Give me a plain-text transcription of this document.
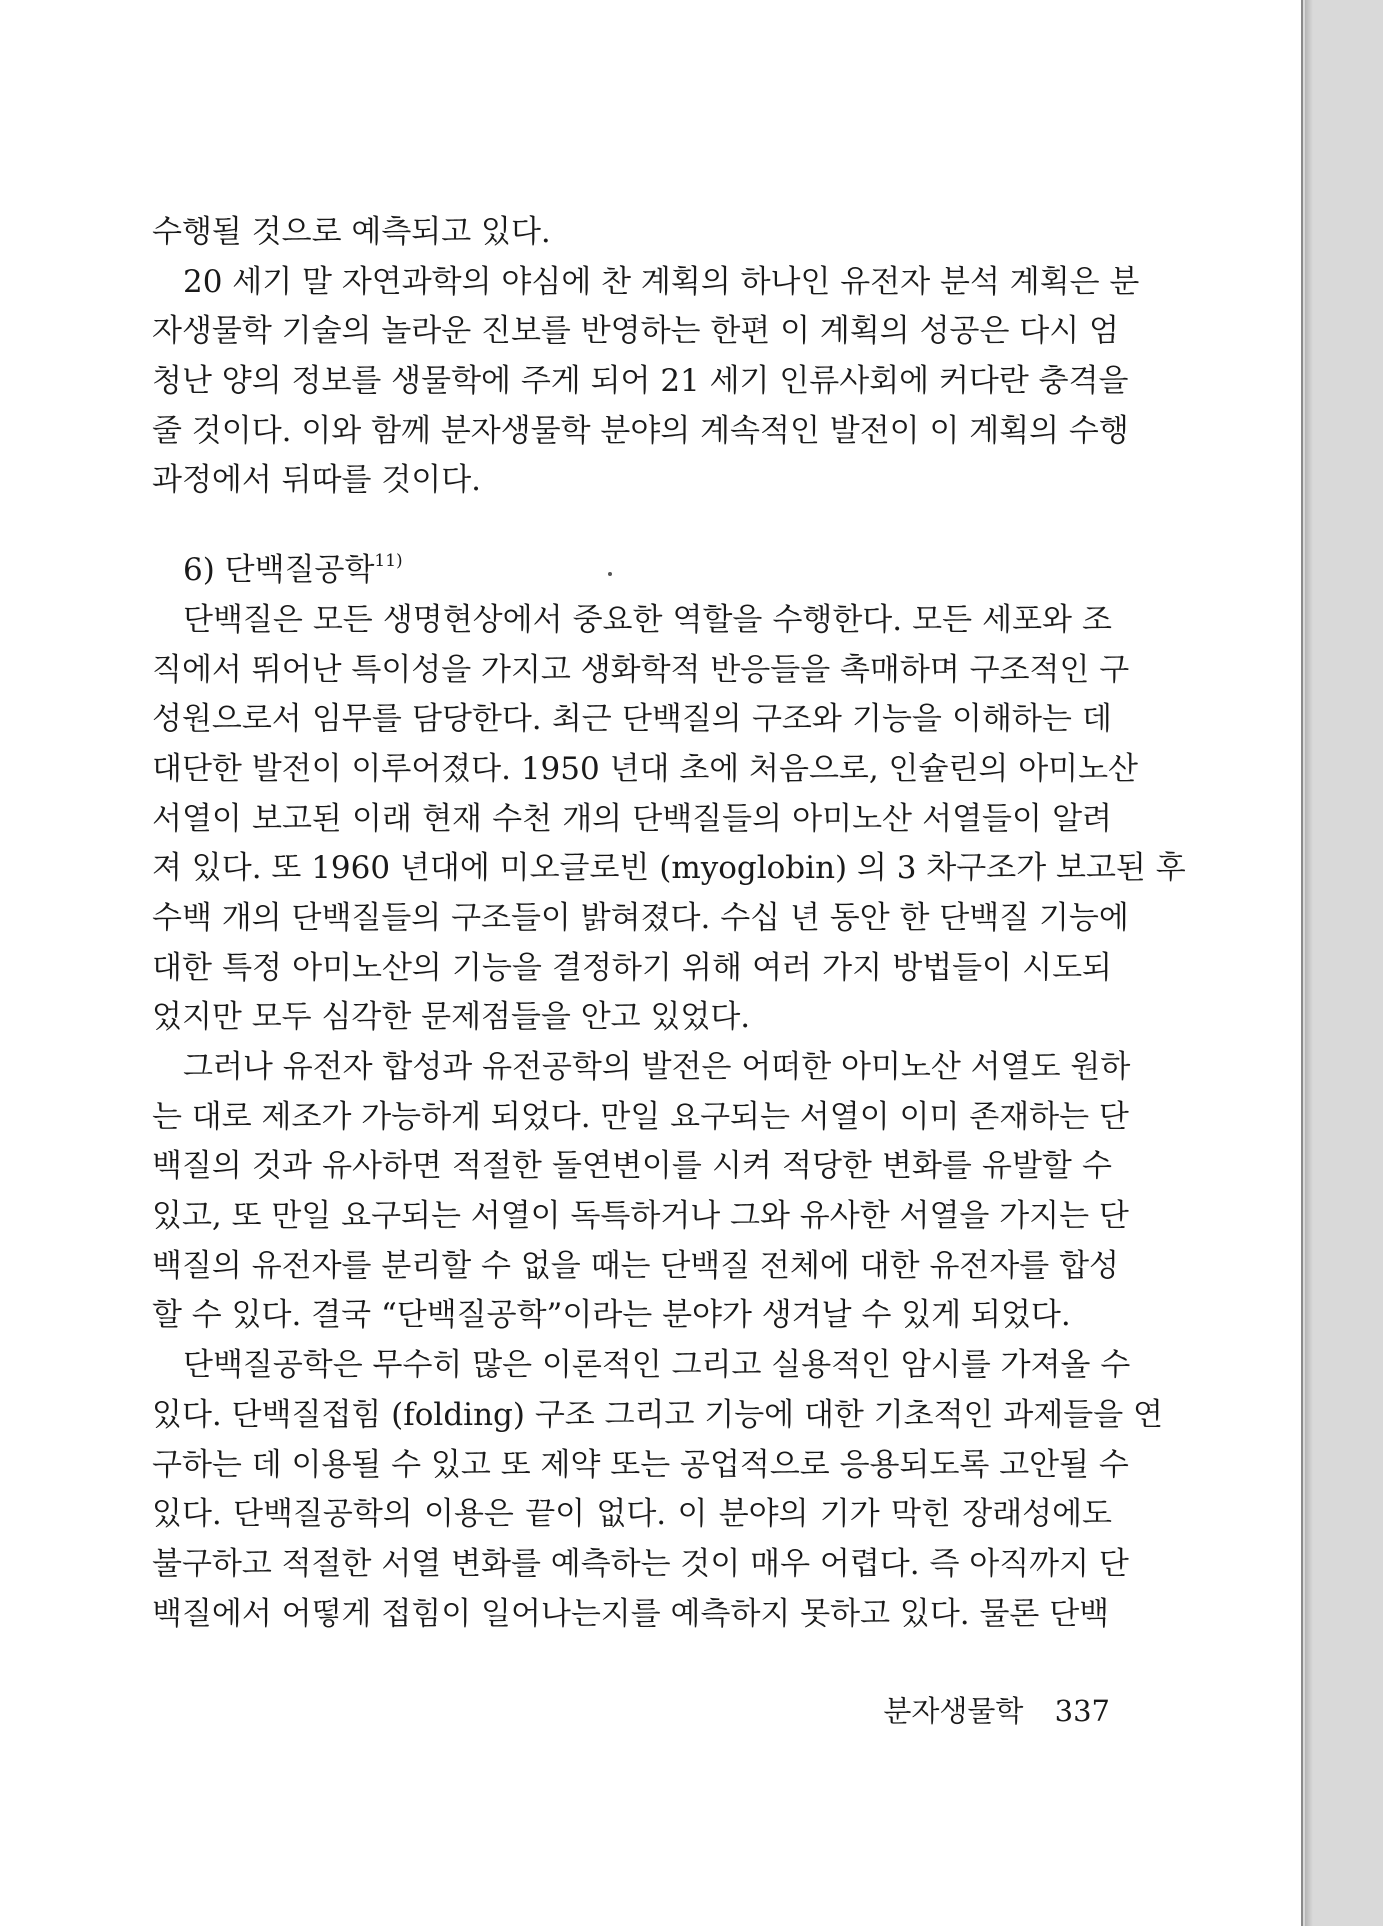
수행될 것으로 예측되고 있다.
20 세기 말 자연과학의 야심에 찬 계획의 하나인 유전자 분석 계획은 분
자생물학 기술의 놀라운 진보를 반영하는 한편 이 계획의 성공은 다시 엄
청난 양의 정보를 생물학에 주게 되어 21 세기 인류사회에 커다란 충격을
줄 것이다. 이와 함께 분자생물학 분야의 계속적인 발전이 이 계획의 수행
과정에서 뒤따를 것이다.
6) 단백질공학$^{11)}$
단백질은 모든 생명현상에서 중요한 역할을 수행한다. 모든 세포와 조
직에서 뛰어난 특이성을 가지고 생화학적 반응들을 촉매하며 구조적인 구
성원으로서 임무를 담당한다. 최근 단백질의 구조와 기능을 이해하는 데
대단한 발전이 이루어졌다. 1950 년대 초에 처음으로, 인슐린의 아미노산
서열이 보고된 이래 현재 수천 개의 단백질들의 아미노산 서열들이 알려
져 있다. 또 1960 년대에 미오글로빈 (myoglobin) 의 3 차구조가 보고된 후
수백 개의 단백질들의 구조들이 밝혀졌다. 수십 년 동안 한 단백질 기능에
대한 특정 아미노산의 기능을 결정하기 위해 여러 가지 방법들이 시도되
었지만 모두 심각한 문제점들을 안고 있었다.
그러나 유전자 합성과 유전공학의 발전은 어떠한 아미노산 서열도 원하
는 대로 제조가 가능하게 되었다. 만일 요구되는 서열이 이미 존재하는 단
백질의 것과 유사하면 적절한 돌연변이를 시켜 적당한 변화를 유발할 수
있고, 또 만일 요구되는 서열이 독특하거나 그와 유사한 서열을 가지는 단
백질의 유전자를 분리할 수 없을 때는 단백질 전체에 대한 유전자를 합성
할 수 있다. 결국 “단백질공학”이라는 분야가 생겨날 수 있게 되었다.
단백질공학은 무수히 많은 이론적인 그리고 실용적인 암시를 가져올 수
있다. 단백질접힘 (folding) 구조 그리고 기능에 대한 기초적인 과제들을 연
구하는 데 이용될 수 있고 또 제약 또는 공업적으로 응용되도록 고안될 수
있다. 단백질공학의 이용은 끝이 없다. 이 분야의 기가 막힌 장래성에도
불구하고 적절한 서열 변화를 예측하는 것이 매우 어렵다. 즉 아직까지 단
백질에서 어떻게 접힘이 일어나는지를 예측하지 못하고 있다. 물론 단백
분자생물학 337
